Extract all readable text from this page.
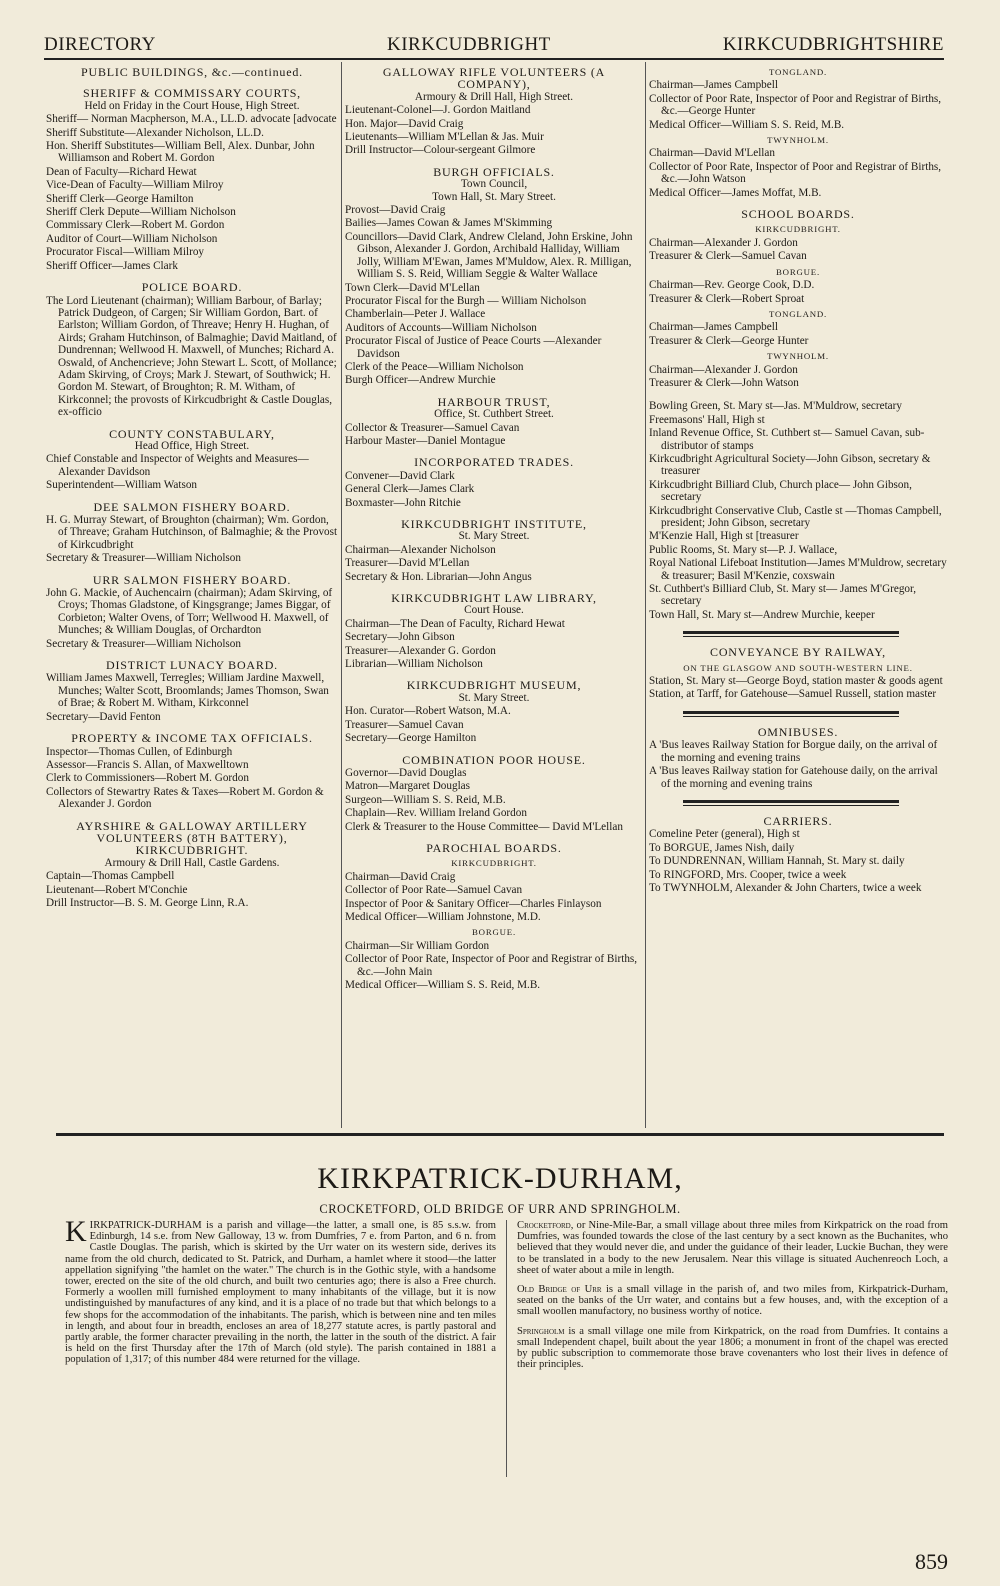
DIRECTORY	KIRKCUDBRIGHT	KIRKCUDBRIGHTSHIRE
PUBLIC BUILDINGS, &c.—continued.
SHERIFF & COMMISSARY COURTS,
Held on Friday in the Court House, High Street.
Sheriff— Norman Macpherson, M.A., LL.D. advocate [advocate
Sheriff Substitute—Alexander Nicholson, LL.D.
Hon. Sheriff Substitutes—William Bell, Alex. Dunbar, John Williamson and Robert M. Gordon
Dean of Faculty—Richard Hewat
Vice-Dean of Faculty—William Milroy
Sheriff Clerk—George Hamilton
Sheriff Clerk Depute—William Nicholson
Commissary Clerk—Robert M. Gordon
Auditor of Court—William Nicholson
Procurator Fiscal—William Milroy
Sheriff Officer—James Clark
POLICE BOARD.
The Lord Lieutenant (chairman); William Barbour, of Barlay; Patrick Dudgeon, of Cargen; Sir William Gordon, Bart. of Earlston; William Gordon, of Threave; Henry H. Hughan, of Airds; Graham Hutchinson, of Balmaghie; David Maitland, of Dundrennan; Wellwood H. Maxwell, of Munches; Richard A. Oswald, of Anchencrieve; John Stewart L. Scott, of Mollance; Adam Skirving, of Croys; Mark J. Stewart, of Southwick; H. Gordon M. Stewart, of Broughton; R. M. Witham, of Kirkconnel; the provosts of Kirkcudbright & Castle Douglas, ex-officio
COUNTY CONSTABULARY,
Head Office, High Street.
Chief Constable and Inspector of Weights and Measures—Alexander Davidson
Superintendent—William Watson
DEE SALMON FISHERY BOARD.
H. G. Murray Stewart, of Broughton (chairman); Wm. Gordon, of Threave; Graham Hutchinson, of Balmaghie; & the Provost of Kirkcudbright
Secretary & Treasurer—William Nicholson
URR SALMON FISHERY BOARD.
John G. Mackie, of Auchencairn (chairman); Adam Skirving, of Croys; Thomas Gladstone, of Kingsgrange; James Biggar, of Corbieton; Walter Ovens, of Torr; Wellwood H. Maxwell, of Munches; & William Douglas, of Orchardton
Secretary & Treasurer—William Nicholson
DISTRICT LUNACY BOARD.
William James Maxwell, Terregles; William Jardine Maxwell, Munches; Walter Scott, Broomlands; James Thomson, Swan of Brae; & Robert M. Witham, Kirkconnel
Secretary—David Fenton
PROPERTY & INCOME TAX OFFICIALS.
Inspector—Thomas Cullen, of Edinburgh
Assessor—Francis S. Allan, of Maxwelltown
Clerk to Commissioners—Robert M. Gordon
Collectors of Stewartry Rates & Taxes—Robert M. Gordon & Alexander J. Gordon
AYRSHIRE & GALLOWAY ARTILLERY VOLUNTEERS (8TH BATTERY), KIRKCUDBRIGHT.
Armoury & Drill Hall, Castle Gardens.
Captain—Thomas Campbell
Lieutenant—Robert M'Conchie
Drill Instructor—B. S. M. George Linn, R.A.
GALLOWAY RIFLE VOLUNTEERS (A COMPANY),
Armoury & Drill Hall, High Street.
Lieutenant-Colonel—J. Gordon Maitland
Hon. Major—David Craig
Lieutenants—William M'Lellan & Jas. Muir
Drill Instructor—Colour-sergeant Gilmore
BURGH OFFICIALS.
Town Council,
Town Hall, St. Mary Street.
Provost—David Craig
Bailies—James Cowan & James M'Skimming
Councillors—David Clark, Andrew Cleland, John Erskine, John Gibson, Alexander J. Gordon, Archibald Halliday, William Jolly, William M'Ewan, James M'Muldow, Alex. R. Milligan, William S. S. Reid, William Seggie & Walter Wallace
Town Clerk—David M'Lellan
Procurator Fiscal for the Burgh — William Nicholson
Chamberlain—Peter J. Wallace
Auditors of Accounts—William Nicholson
Procurator Fiscal of Justice of Peace Courts —Alexander Davidson
Clerk of the Peace—William Nicholson
Burgh Officer—Andrew Murchie
HARBOUR TRUST,
Office, St. Cuthbert Street.
Collector & Treasurer—Samuel Cavan
Harbour Master—Daniel Montague
INCORPORATED TRADES.
Convener—David Clark
General Clerk—James Clark
Boxmaster—John Ritchie
KIRKCUDBRIGHT INSTITUTE,
St. Mary Street.
Chairman—Alexander Nicholson
Treasurer—David M'Lellan
Secretary & Hon. Librarian—John Angus
KIRKCUDBRIGHT LAW LIBRARY,
Court House.
Chairman—The Dean of Faculty, Richard Hewat
Secretary—John Gibson
Treasurer—Alexander G. Gordon
Librarian—William Nicholson
KIRKCUDBRIGHT MUSEUM,
St. Mary Street.
Hon. Curator—Robert Watson, M.A.
Treasurer—Samuel Cavan
Secretary—George Hamilton
COMBINATION POOR HOUSE.
Governor—David Douglas
Matron—Margaret Douglas
Surgeon—William S. S. Reid, M.B.
Chaplain—Rev. William Ireland Gordon
Clerk & Treasurer to the House Committee— David M'Lellan
PAROCHIAL BOARDS.
KIRKCUDBRIGHT.
Chairman—David Craig
Collector of Poor Rate—Samuel Cavan
Inspector of Poor & Sanitary Officer—Charles Finlayson
Medical Officer—William Johnstone, M.D.
BORGUE.
Chairman—Sir William Gordon
Collector of Poor Rate, Inspector of Poor and Registrar of Births, &c.—John Main
Medical Officer—William S. S. Reid, M.B.
TONGLAND.
Chairman—James Campbell
Collector of Poor Rate, Inspector of Poor and Registrar of Births, &c.—George Hunter
Medical Officer—William S. S. Reid, M.B.
TWYNHOLM.
Chairman—David M'Lellan
Collector of Poor Rate, Inspector of Poor and Registrar of Births, &c.—John Watson
Medical Officer—James Moffat, M.B.
SCHOOL BOARDS.
KIRKCUDBRIGHT.
Chairman—Alexander J. Gordon
Treasurer & Clerk—Samuel Cavan
BORGUE.
Chairman—Rev. George Cook, D.D.
Treasurer & Clerk—Robert Sproat
TONGLAND.
Chairman—James Campbell
Treasurer & Clerk—George Hunter
TWYNHOLM.
Chairman—Alexander J. Gordon
Treasurer & Clerk—John Watson
Bowling Green, St. Mary st—Jas. M'Muldrow, secretary
Freemasons' Hall, High st
Inland Revenue Office, St. Cuthbert st— Samuel Cavan, sub-distributor of stamps
Kirkcudbright Agricultural Society—John Gibson, secretary & treasurer
Kirkcudbright Billiard Club, Church place— John Gibson, secretary
Kirkcudbright Conservative Club, Castle st —Thomas Campbell, president; John Gibson, secretary
M'Kenzie Hall, High st [treasurer
Public Rooms, St. Mary st—P. J. Wallace,
Royal National Lifeboat Institution—James M'Muldrow, secretary & treasurer; Basil M'Kenzie, coxswain
St. Cuthbert's Billiard Club, St. Mary st— James M'Gregor, secretary
Town Hall, St. Mary st—Andrew Murchie, keeper
CONVEYANCE BY RAILWAY,
ON THE GLASGOW AND SOUTH-WESTERN LINE.
Station, St. Mary st—George Boyd, station master & goods agent
Station, at Tarff, for Gatehouse—Samuel Russell, station master
OMNIBUSES.
A 'Bus leaves Railway Station for Borgue daily, on the arrival of the morning and evening trains
A 'Bus leaves Railway station for Gatehouse daily, on the arrival of the morning and evening trains
CARRIERS.
Comeline Peter (general), High st
To BORGUE, James Nish, daily
To DUNDRENNAN, William Hannah, St. Mary st. daily
To RINGFORD, Mrs. Cooper, twice a week
To TWYNHOLM, Alexander & John Charters, twice a week
KIRKPATRICK-DURHAM,
CROCKETFORD, OLD BRIDGE OF URR AND SPRINGHOLM.

KIRKPATRICK-DURHAM is a parish and village—the latter, a small one, is 85 s.s.w. from Edinburgh, 14 s.e. from New Galloway, 13 w. from Dumfries, 7 e. from Parton, and 6 n. from Castle Douglas. The parish, which is skirted by the Urr water on its western side, derives its name from the old church, dedicated to St. Patrick, and Durham, a hamlet where it stood—the latter appellation signifying "the hamlet on the water." The church is in the Gothic style, with a handsome tower, erected on the site of the old church, and built two centuries ago; there is also a Free church. Formerly a woollen mill furnished employment to many inhabitants of the village, but it is now undistinguished by manufactures of any kind, and it is a place of no trade but that which belongs to a few shops for the accommodation of the inhabitants. The parish, which is between nine and ten miles in length, and about four in breadth, encloses an area of 18,277 statute acres, is partly pastoral and partly arable, the former character prevailing in the north, the latter in the south of the district. A fair is held on the first Thursday after the 17th of March (old style). The parish contained in 1881 a population of 1,317; of this number 484 were returned for the village.

Crocketford, or Nine-Mile-Bar, a small village about three miles from Kirkpatrick on the road from Dumfries, was founded towards the close of the last century by a sect known as the Buchanites, who believed that they would never die, and under the guidance of their leader, Luckie Buchan, they were to be translated in a body to the new Jerusalem. Near this village is situated Auchenreoch Loch, a sheet of water about a mile in length.

Old Bridge of Urr is a small village in the parish of, and two miles from, Kirkpatrick-Durham, seated on the banks of the Urr water, and contains but a few houses, and, with the exception of a small woollen manufactory, no business worthy of notice.

Springholm is a small village one mile from Kirkpatrick, on the road from Dumfries. It contains a small Independent chapel, built about the year 1806; a monument in front of the chapel was erected by public subscription to commemorate those brave covenanters who lost their lives in defence of their principles.

859
